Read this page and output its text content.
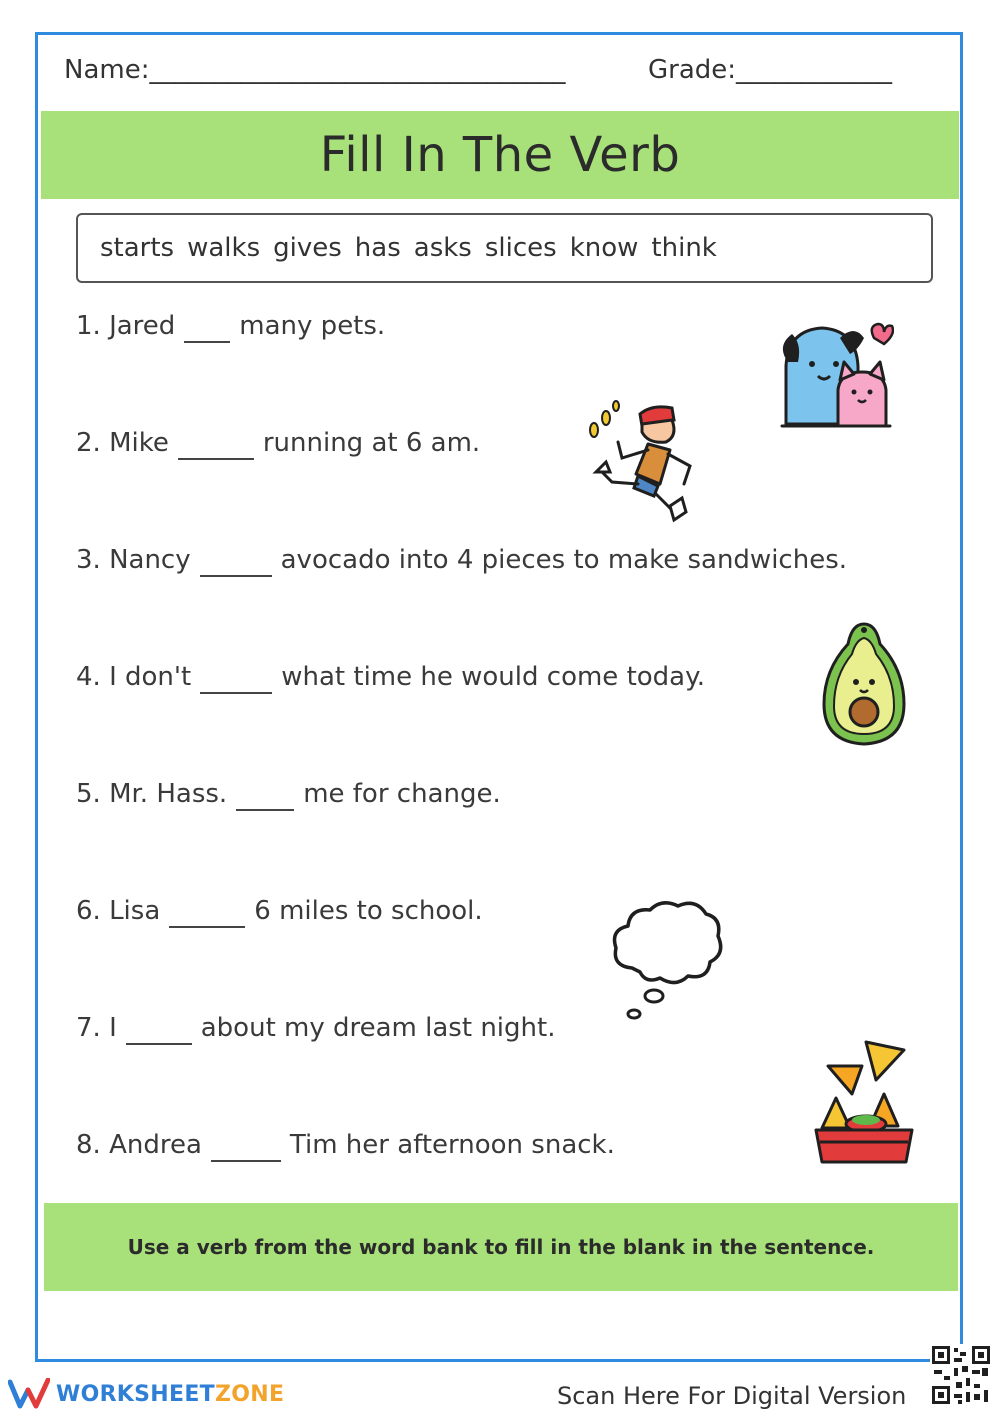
Name:________________________________	Grade:____________
Fill In The Verb
starts walks gives has asks slices know think
1. Jared many pets.
2. Mike	running at 6 am.
3. Nancy	avocado into 4 pieces to make sandwiches.
4. I don't	what time he would come today.
5. Mr. Hass.	me for change.
6. Lisa	6 miles to school.
7. I	about my dream last night.
8. Andrea	Tim her afternoon snack.
Use a verb from the word bank to fill in the blank in the sentence.
WORKSHEETZONE	Scan Here For Digital Version
